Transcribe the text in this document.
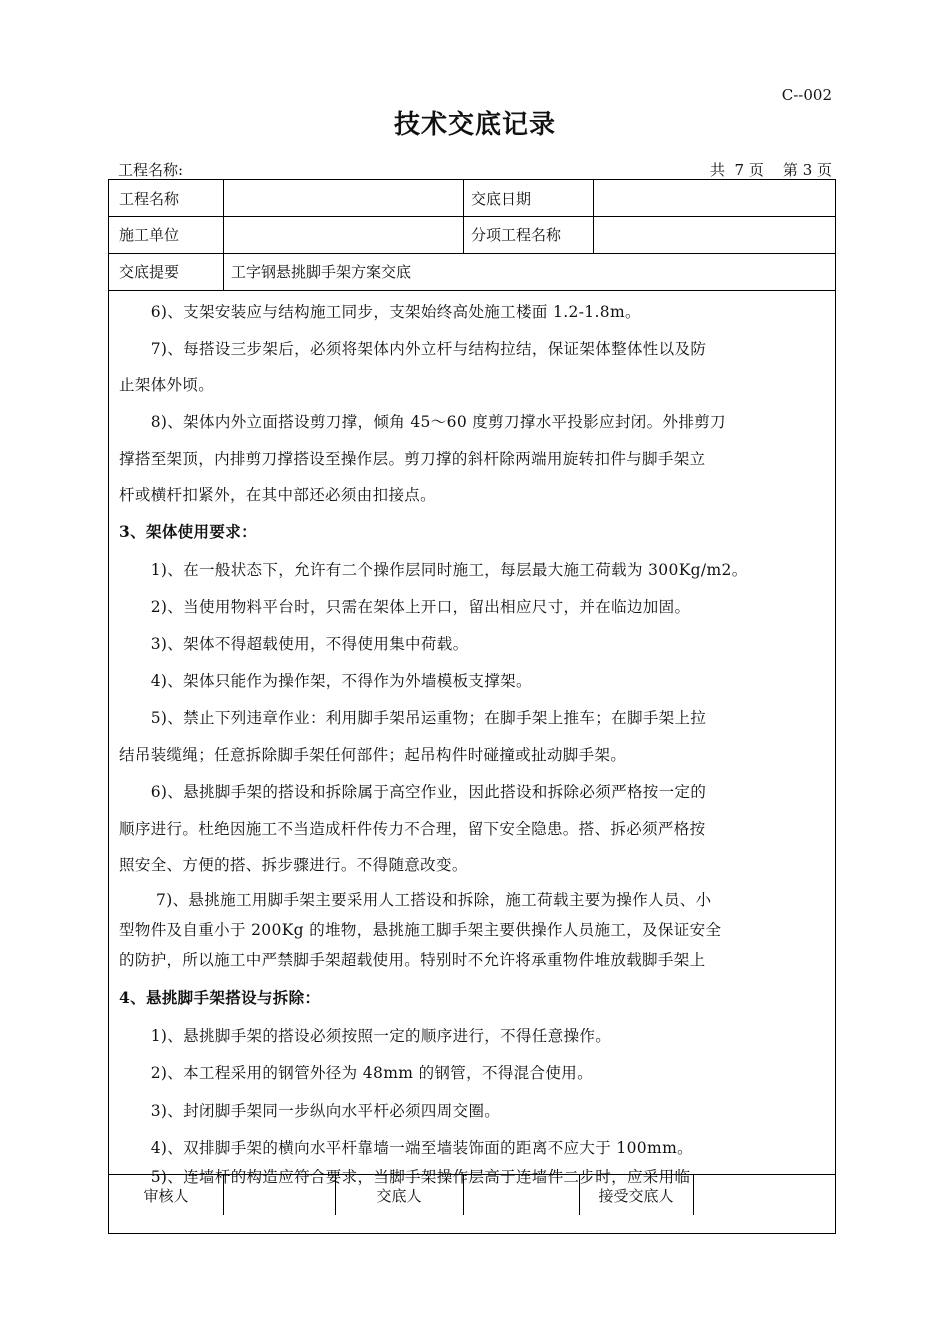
C--002
技术交底记录
工程名称:	共  7 页    第 3 页
工程名称	交底日期
施工单位	分项工程名称
交底提要	工字钢悬挑脚手架方案交底
　　6)、支架安装应与结构施工同步，支架始终高处施工楼面 1.2-1.8m。
　　7)、每搭设三步架后，必须将架体内外立杆与结构拉结，保证架体整体性以及防
止架体外顷。
　　8)、架体内外立面搭设剪刀撑，倾角 45～60 度剪刀撑水平投影应封闭。外排剪刀
撑搭至架顶，内排剪刀撑搭设至操作层。剪刀撑的斜杆除两端用旋转扣件与脚手架立
杆或横杆扣紧外，在其中部还必须由扣接点。
3、架体使用要求：
　　1)、在一般状态下，允许有二个操作层同时施工，每层最大施工荷载为 300Kg/m2。
　　2)、当使用物料平台时，只需在架体上开口，留出相应尺寸，并在临边加固。
　　3)、架体不得超载使用，不得使用集中荷载。
　　4)、架体只能作为操作架，不得作为外墙模板支撑架。
　　5)、禁止下列违章作业：利用脚手架吊运重物；在脚手架上推车；在脚手架上拉
结吊装缆绳；任意拆除脚手架任何部件；起吊构件时碰撞或扯动脚手架。
　　6)、悬挑脚手架的搭设和拆除属于高空作业，因此搭设和拆除必须严格按一定的
顺序进行。杜绝因施工不当造成杆件传力不合理，留下安全隐患。搭、拆必须严格按
照安全、方便的搭、拆步骤进行。不得随意改变。
　　 7)、悬挑施工用脚手架主要采用人工搭设和拆除，施工荷载主要为操作人员、小
型物件及自重小于 200Kg 的堆物，悬挑施工脚手架主要供操作人员施工，及保证安全
的防护，所以施工中严禁脚手架超载使用。特别时不允许将承重物件堆放载脚手架上
4、悬挑脚手架搭设与拆除：
　　1)、悬挑脚手架的搭设必须按照一定的顺序进行，不得任意操作。
　　2)、本工程采用的钢管外径为 48mm 的钢管，不得混合使用。
　　3)、封闭脚手架同一步纵向水平杆必须四周交圈。
　　4)、双排脚手架的横向水平杆靠墙一端至墙装饰面的距离不应大于 100mm。
　　5)、连墙杆的构造应符合要求，当脚手架操作层高于连墙件二步时，应采用临
审核人	交底人	接受交底人
